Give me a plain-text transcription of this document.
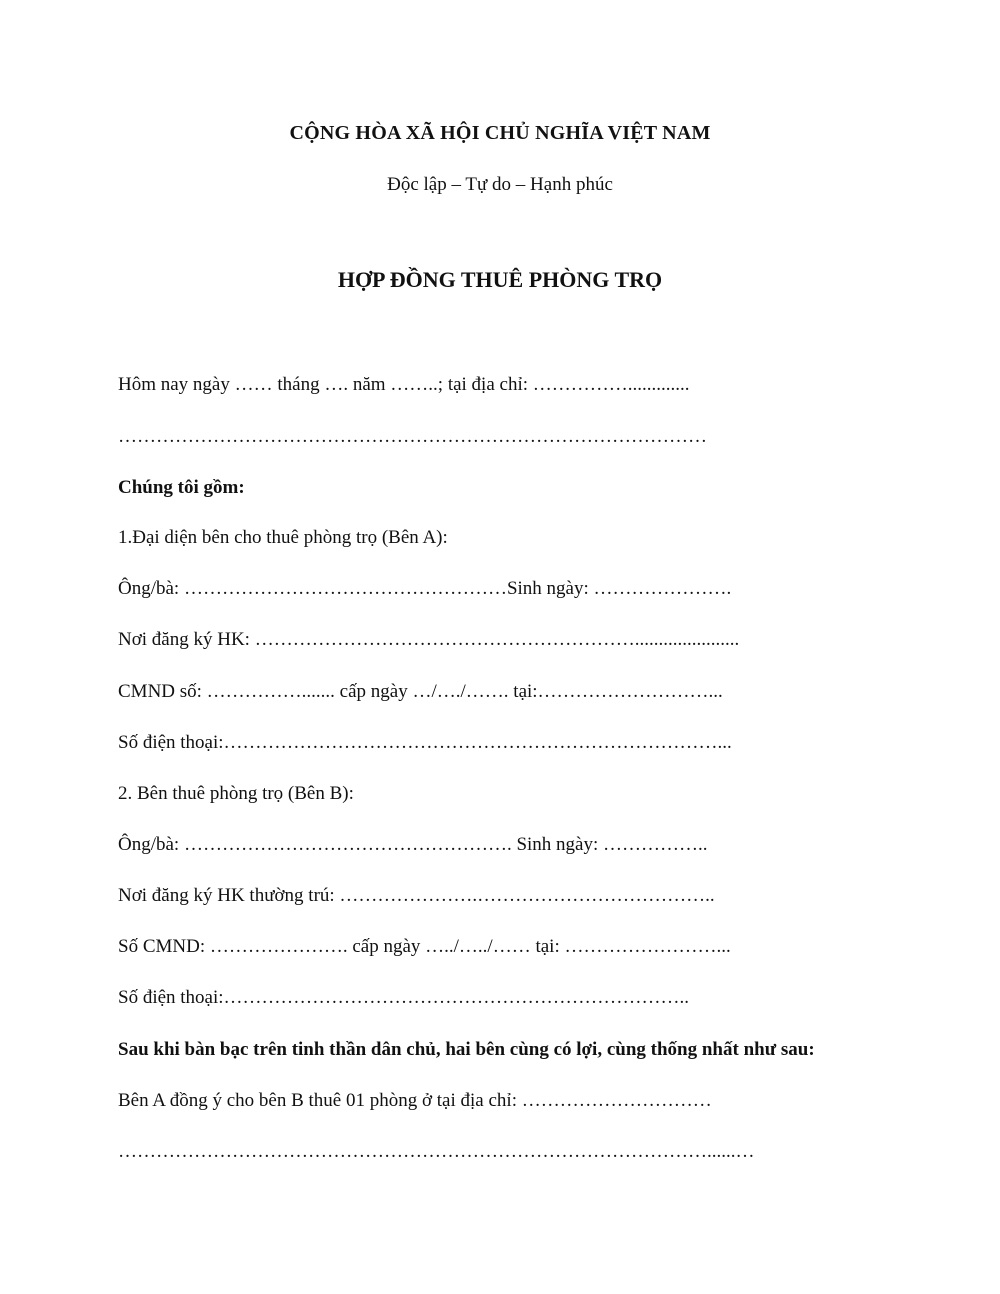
CỘNG HÒA XÃ HỘI CHỦ NGHĨA VIỆT NAM
Độc lập – Tự do – Hạnh phúc
HỢP ĐỒNG THUÊ PHÒNG TRỌ
Hôm nay ngày …… tháng …. năm ……..; tại địa chỉ: …………….............
…………………………………………………………………………………
Chúng tôi gồm:
1.Đại diện bên cho thuê phòng trọ (Bên A):
Ông/bà: ……………………………………………Sinh ngày: ………………….
Nơi đăng ký HK: ……………………………………………………......................
CMND số: ……………....... cấp ngày …/…./……. tại:………………………...
Số điện thoại:……………………………………………………………………...
2. Bên thuê phòng trọ (Bên B):
Ông/bà: ……………………………………………. Sinh ngày: ……………..
Nơi đăng ký HK thường trú: ………………….………………………………..
Số CMND: …………………. cấp ngày …../…../…… tại: ……………………...
Số điện thoại:………………………………………………………………..
Sau khi bàn bạc trên tinh thần dân chủ, hai bên cùng có lợi, cùng thống nhất như sau:
Bên A đồng ý cho bên B thuê 01 phòng ở tại địa chỉ: …………………………
…………………………………………………………………………………......…
